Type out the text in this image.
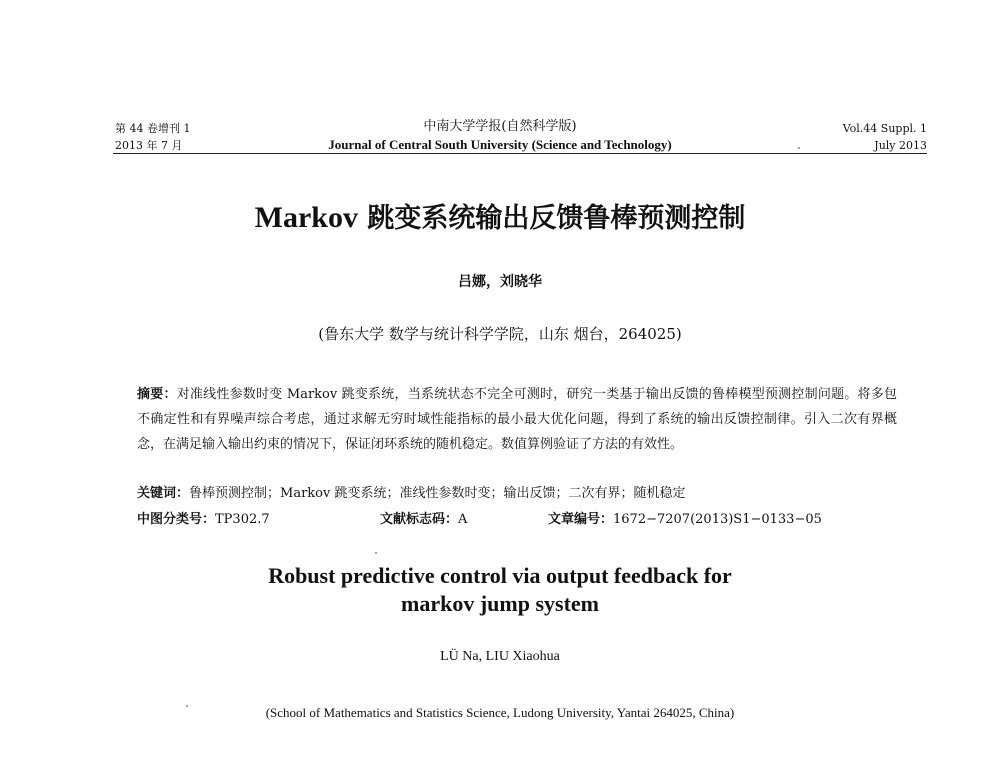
第 44 卷增刊 1
2013 年 7 月
中南大学学报(自然科学版)
Journal of Central South University (Science and Technology)
Vol.44 Suppl. 1
July 2013
Markov 跳变系统输出反馈鲁棒预测控制
吕娜，刘晓华
(鲁东大学 数学与统计科学学院，山东 烟台，264025)
摘要：对准线性参数时变 Markov 跳变系统，当系统状态不完全可测时，研究一类基于输出反馈的鲁棒模型预测控制问题。将多包不确定性和有界噪声综合考虑，通过求解无穷时域性能指标的最小最大优化问题，得到了系统的输出反馈控制律。引入二次有界概念，在满足输入输出约束的情况下，保证闭环系统的随机稳定。数值算例验证了方法的有效性。
关键词：鲁棒预测控制；Markov 跳变系统；准线性参数时变；输出反馈；二次有界；随机稳定
中图分类号：TP302.7	文献标志码：A	文章编号：1672−7207(2013)S1−0133−05
Robust predictive control via output feedback for
markov jump system
LÜ Na, LIU Xiaohua
(School of Mathematics and Statistics Science, Ludong University, Yantai 264025, China)
